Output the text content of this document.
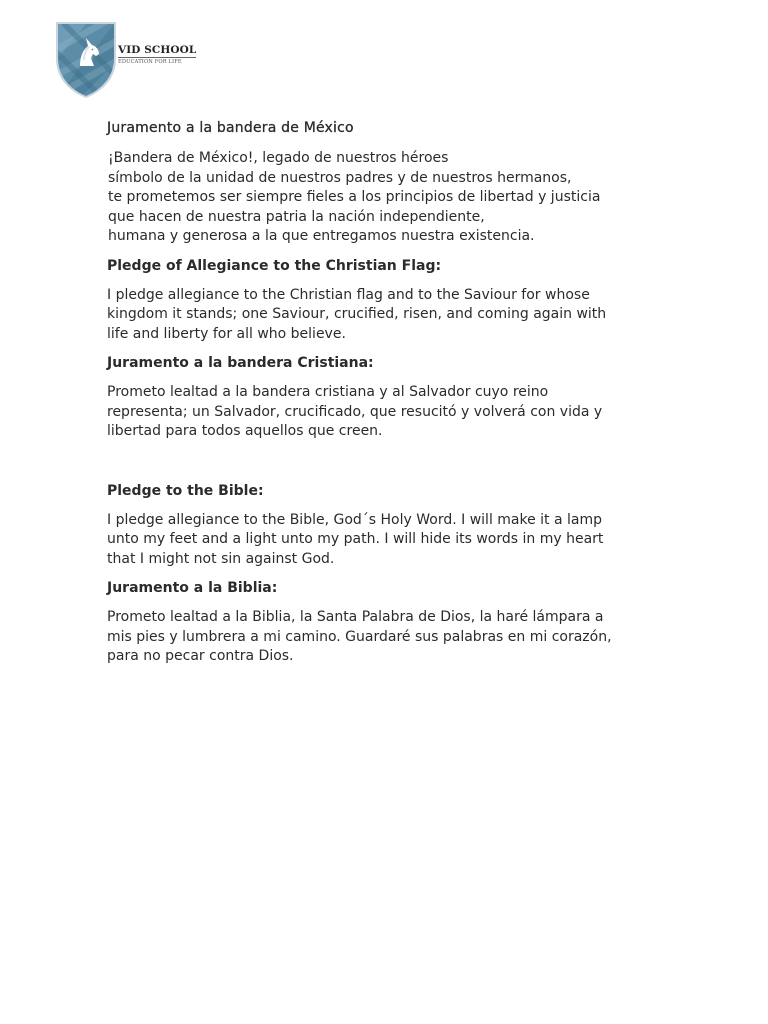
VID SCHOOL
EDUCATION FOR LIFE
Juramento a la bandera de México

¡Bandera de México!, legado de nuestros héroes
símbolo de la unidad de nuestros padres y de nuestros hermanos,
te prometemos ser siempre fieles a los principios de libertad y justicia
que hacen de nuestra patria la nación independiente,
humana y generosa a la que entregamos nuestra existencia.

Pledge of Allegiance to the Christian Flag:

I pledge allegiance to the Christian flag and to the Saviour for whose
kingdom it stands; one Saviour, crucified, risen, and coming again with
life and liberty for all who believe.

Juramento a la bandera Cristiana:

Prometo lealtad a la bandera cristiana y al Salvador cuyo reino
representa; un Salvador, crucificado, que resucitó y volverá con vida y
libertad para todos aquellos que creen.

Pledge to the Bible:

I pledge allegiance to the Bible, God´s Holy Word. I will make it a lamp
unto my feet and a light unto my path. I will hide its words in my heart
that I might not sin against God.

Juramento a la Biblia:

Prometo lealtad a la Biblia, la Santa Palabra de Dios, la haré lámpara a
mis pies y lumbrera a mi camino. Guardaré sus palabras en mi corazón,
para no pecar contra Dios.
